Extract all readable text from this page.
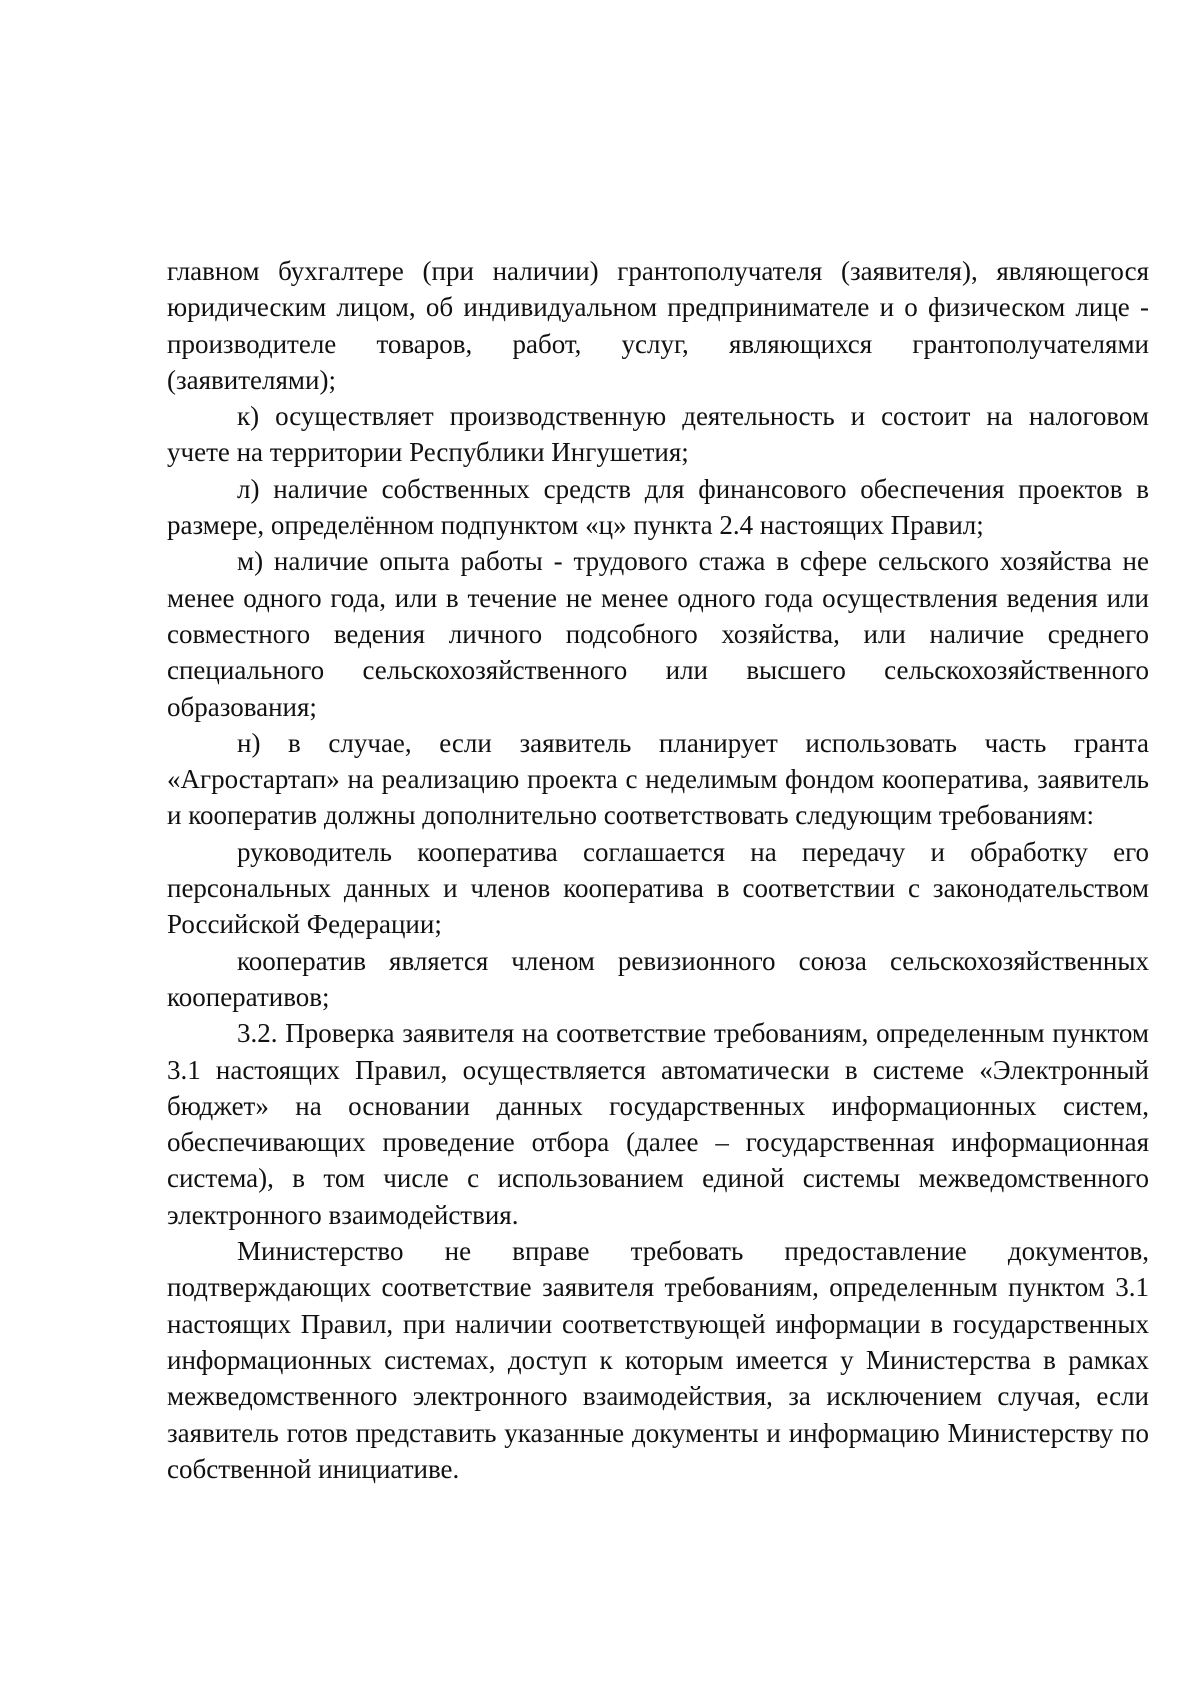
главном бухгалтере (при наличии) грантополучателя (заявителя), являющегося юридическим лицом, об индивидуальном предпринимателе и о физическом лице - производителе товаров, работ, услуг, являющихся грантополучателями (заявителями);

к) осуществляет производственную деятельность и состоит на налоговом учете на территории Республики Ингушетия;

л) наличие собственных средств для финансового обеспечения проектов в размере, определённом подпунктом «ц» пункта 2.4 настоящих Правил;

м) наличие опыта работы - трудового стажа в сфере сельского хозяйства не менее одного года, или в течение не менее одного года осуществления ведения или совместного ведения личного подсобного хозяйства, или наличие среднего специального сельскохозяйственного или высшего сельскохозяйственного образования;

н) в случае, если заявитель планирует использовать часть гранта «Агростартап» на реализацию проекта с неделимым фондом кооператива, заявитель и кооператив должны дополнительно соответствовать следующим требованиям:

руководитель кооператива соглашается на передачу и обработку его персональных данных и членов кооператива в соответствии с законодательством Российской Федерации;

кооператив является членом ревизионного союза сельскохозяйственных кооперативов;

3.2. Проверка заявителя на соответствие требованиям, определенным пунктом 3.1 настоящих Правил, осуществляется автоматически в системе «Электронный бюджет» на основании данных государственных информационных систем, обеспечивающих проведение отбора (далее – государственная информационная система), в том числе с использованием единой системы межведомственного электронного взаимодействия.

Министерство не вправе требовать предоставление документов, подтверждающих соответствие заявителя требованиям, определенным пунктом 3.1 настоящих Правил, при наличии соответствующей информации в государственных информационных системах, доступ к которым имеется у Министерства в рамках межведомственного электронного взаимодействия, за исключением случая, если заявитель готов представить указанные документы и информацию Министерству по собственной инициативе.
